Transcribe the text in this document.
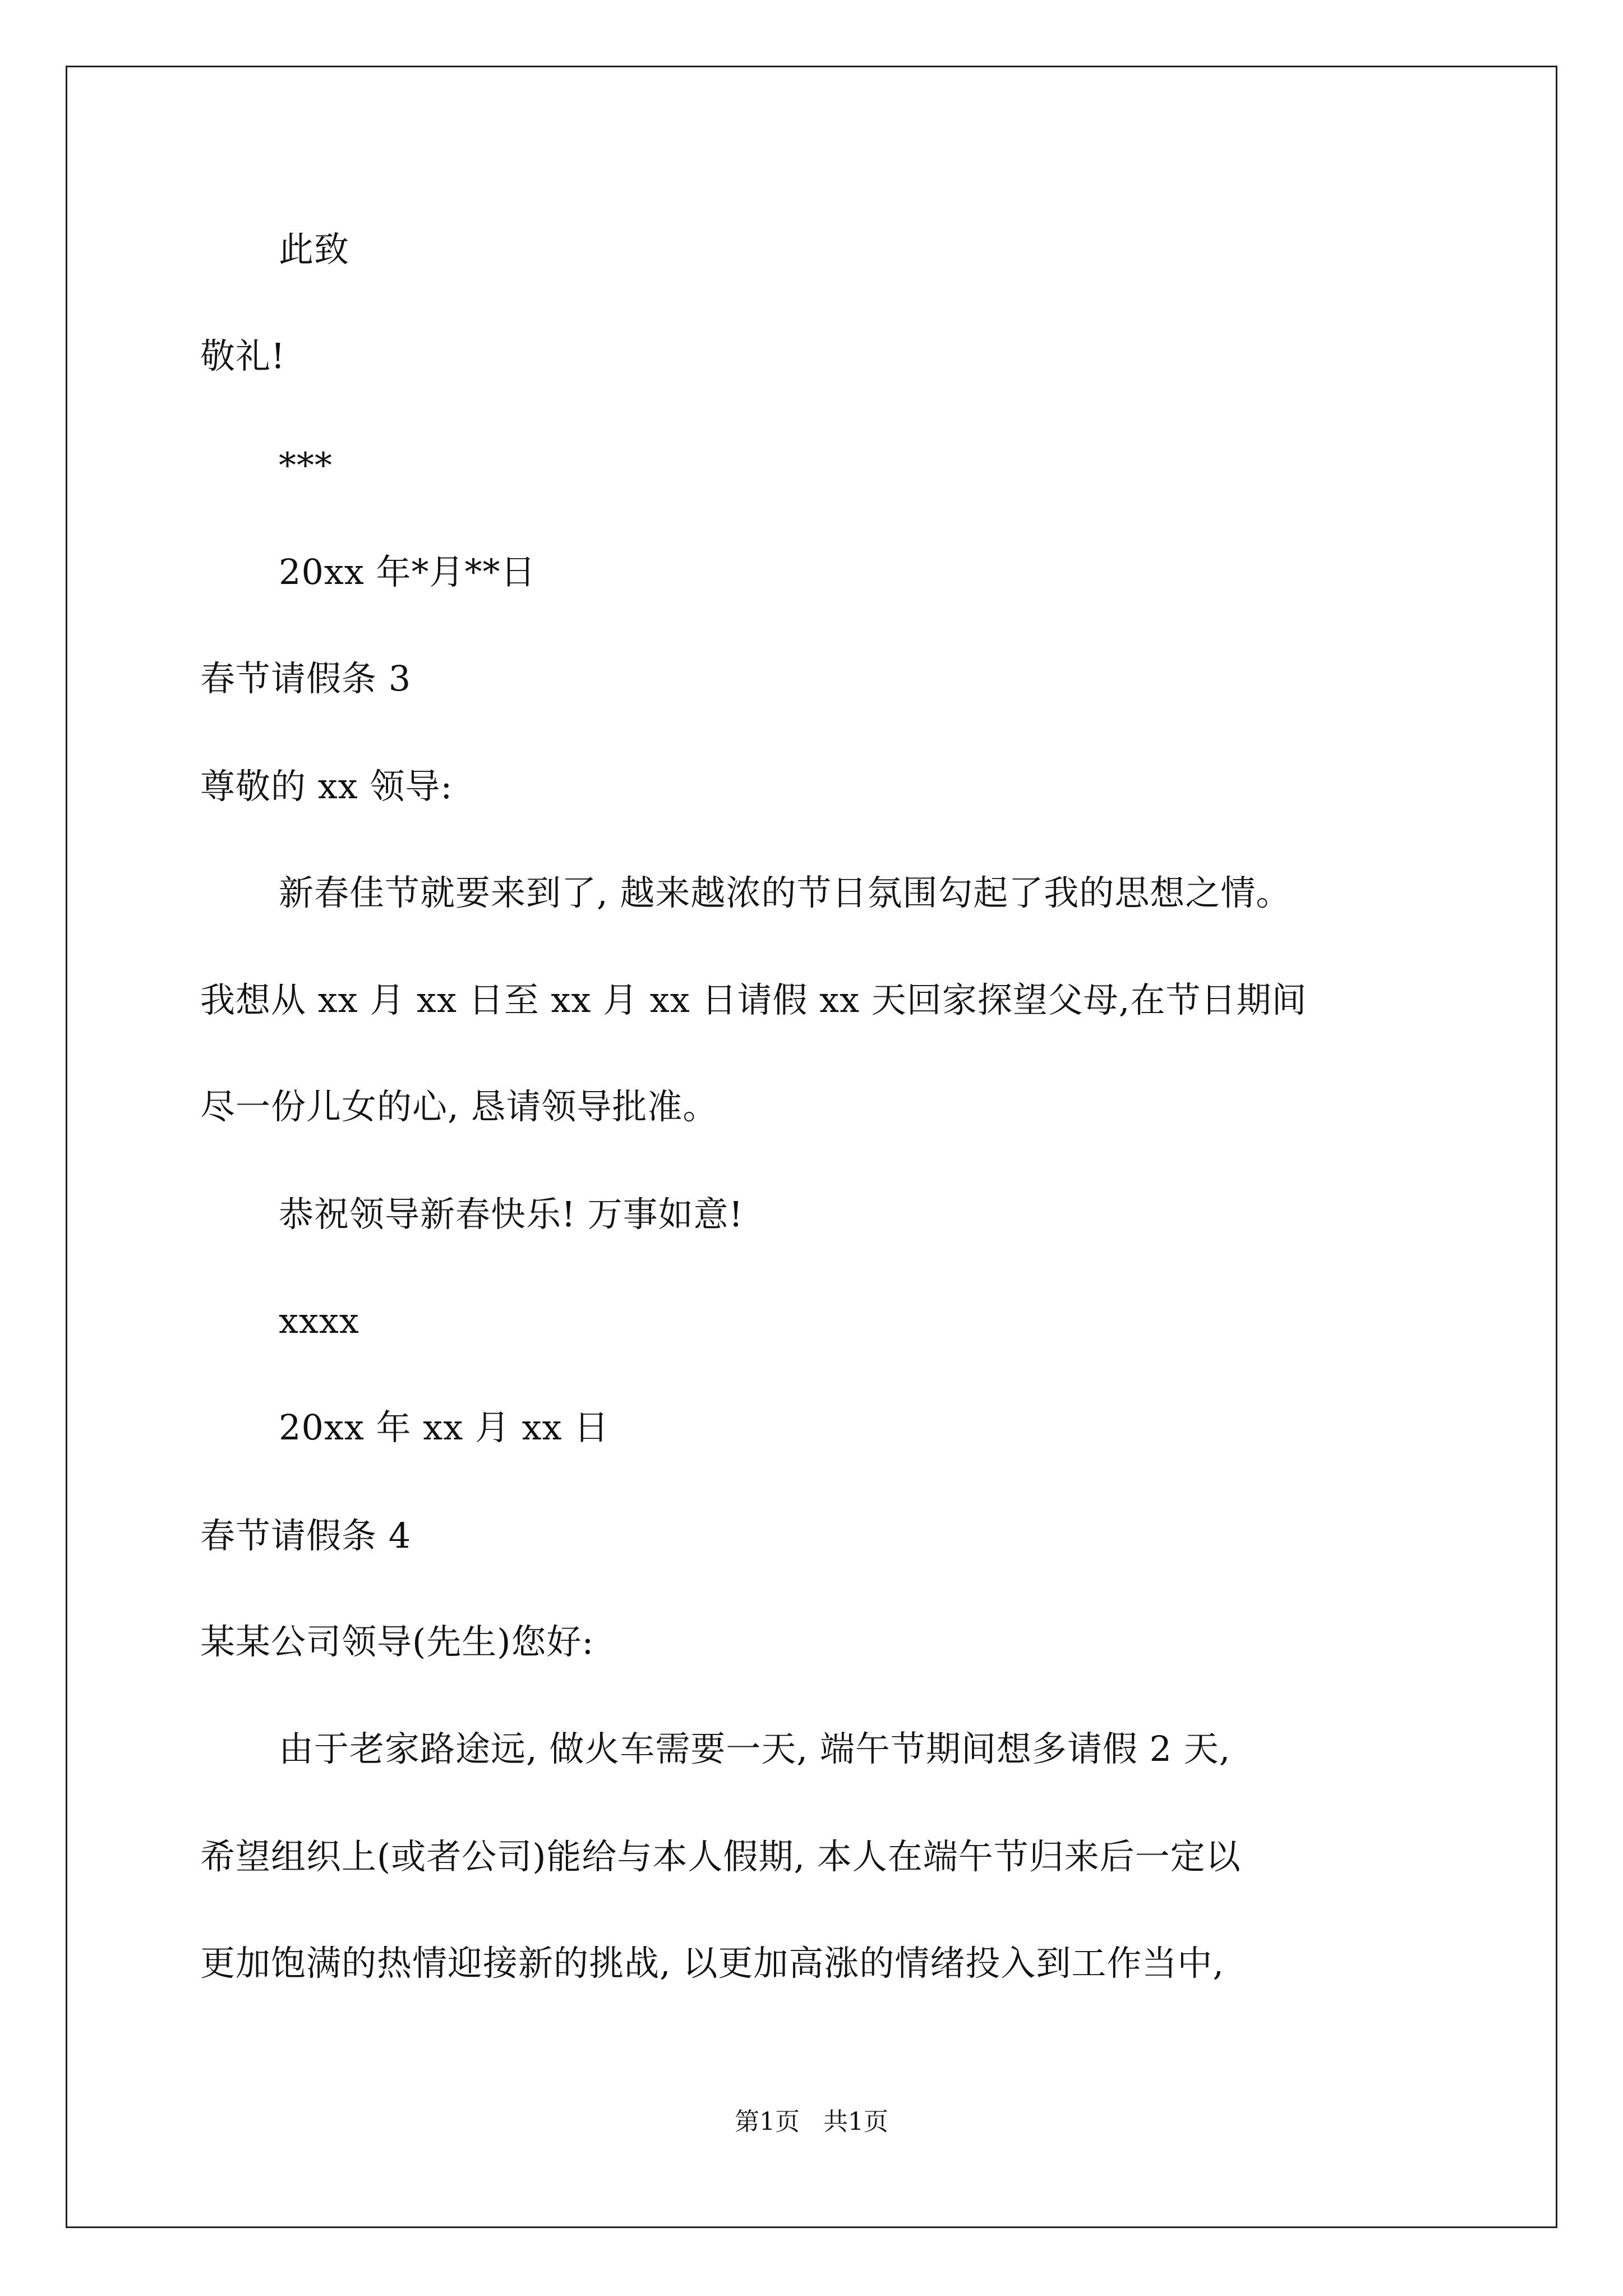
此致
敬礼!
***
20xx 年*月**日
春节请假条 3
尊敬的 xx 领导:
新春佳节就要来到了, 越来越浓的节日氛围勾起了我的思想之情。
我想从 xx 月 xx 日至 xx 月 xx 日请假 xx 天回家探望父母,在节日期间
尽一份儿女的心, 恳请领导批准。
恭祝领导新春快乐! 万事如意!
xxxx
20xx 年 xx 月 xx 日
春节请假条 4
某某公司领导(先生)您好:
由于老家路途远, 做火车需要一天, 端午节期间想多请假 2 天,
希望组织上(或者公司)能给与本人假期, 本人在端午节归来后一定以
更加饱满的热情迎接新的挑战, 以更加高涨的情绪投入到工作当中,
第1页   共1页
